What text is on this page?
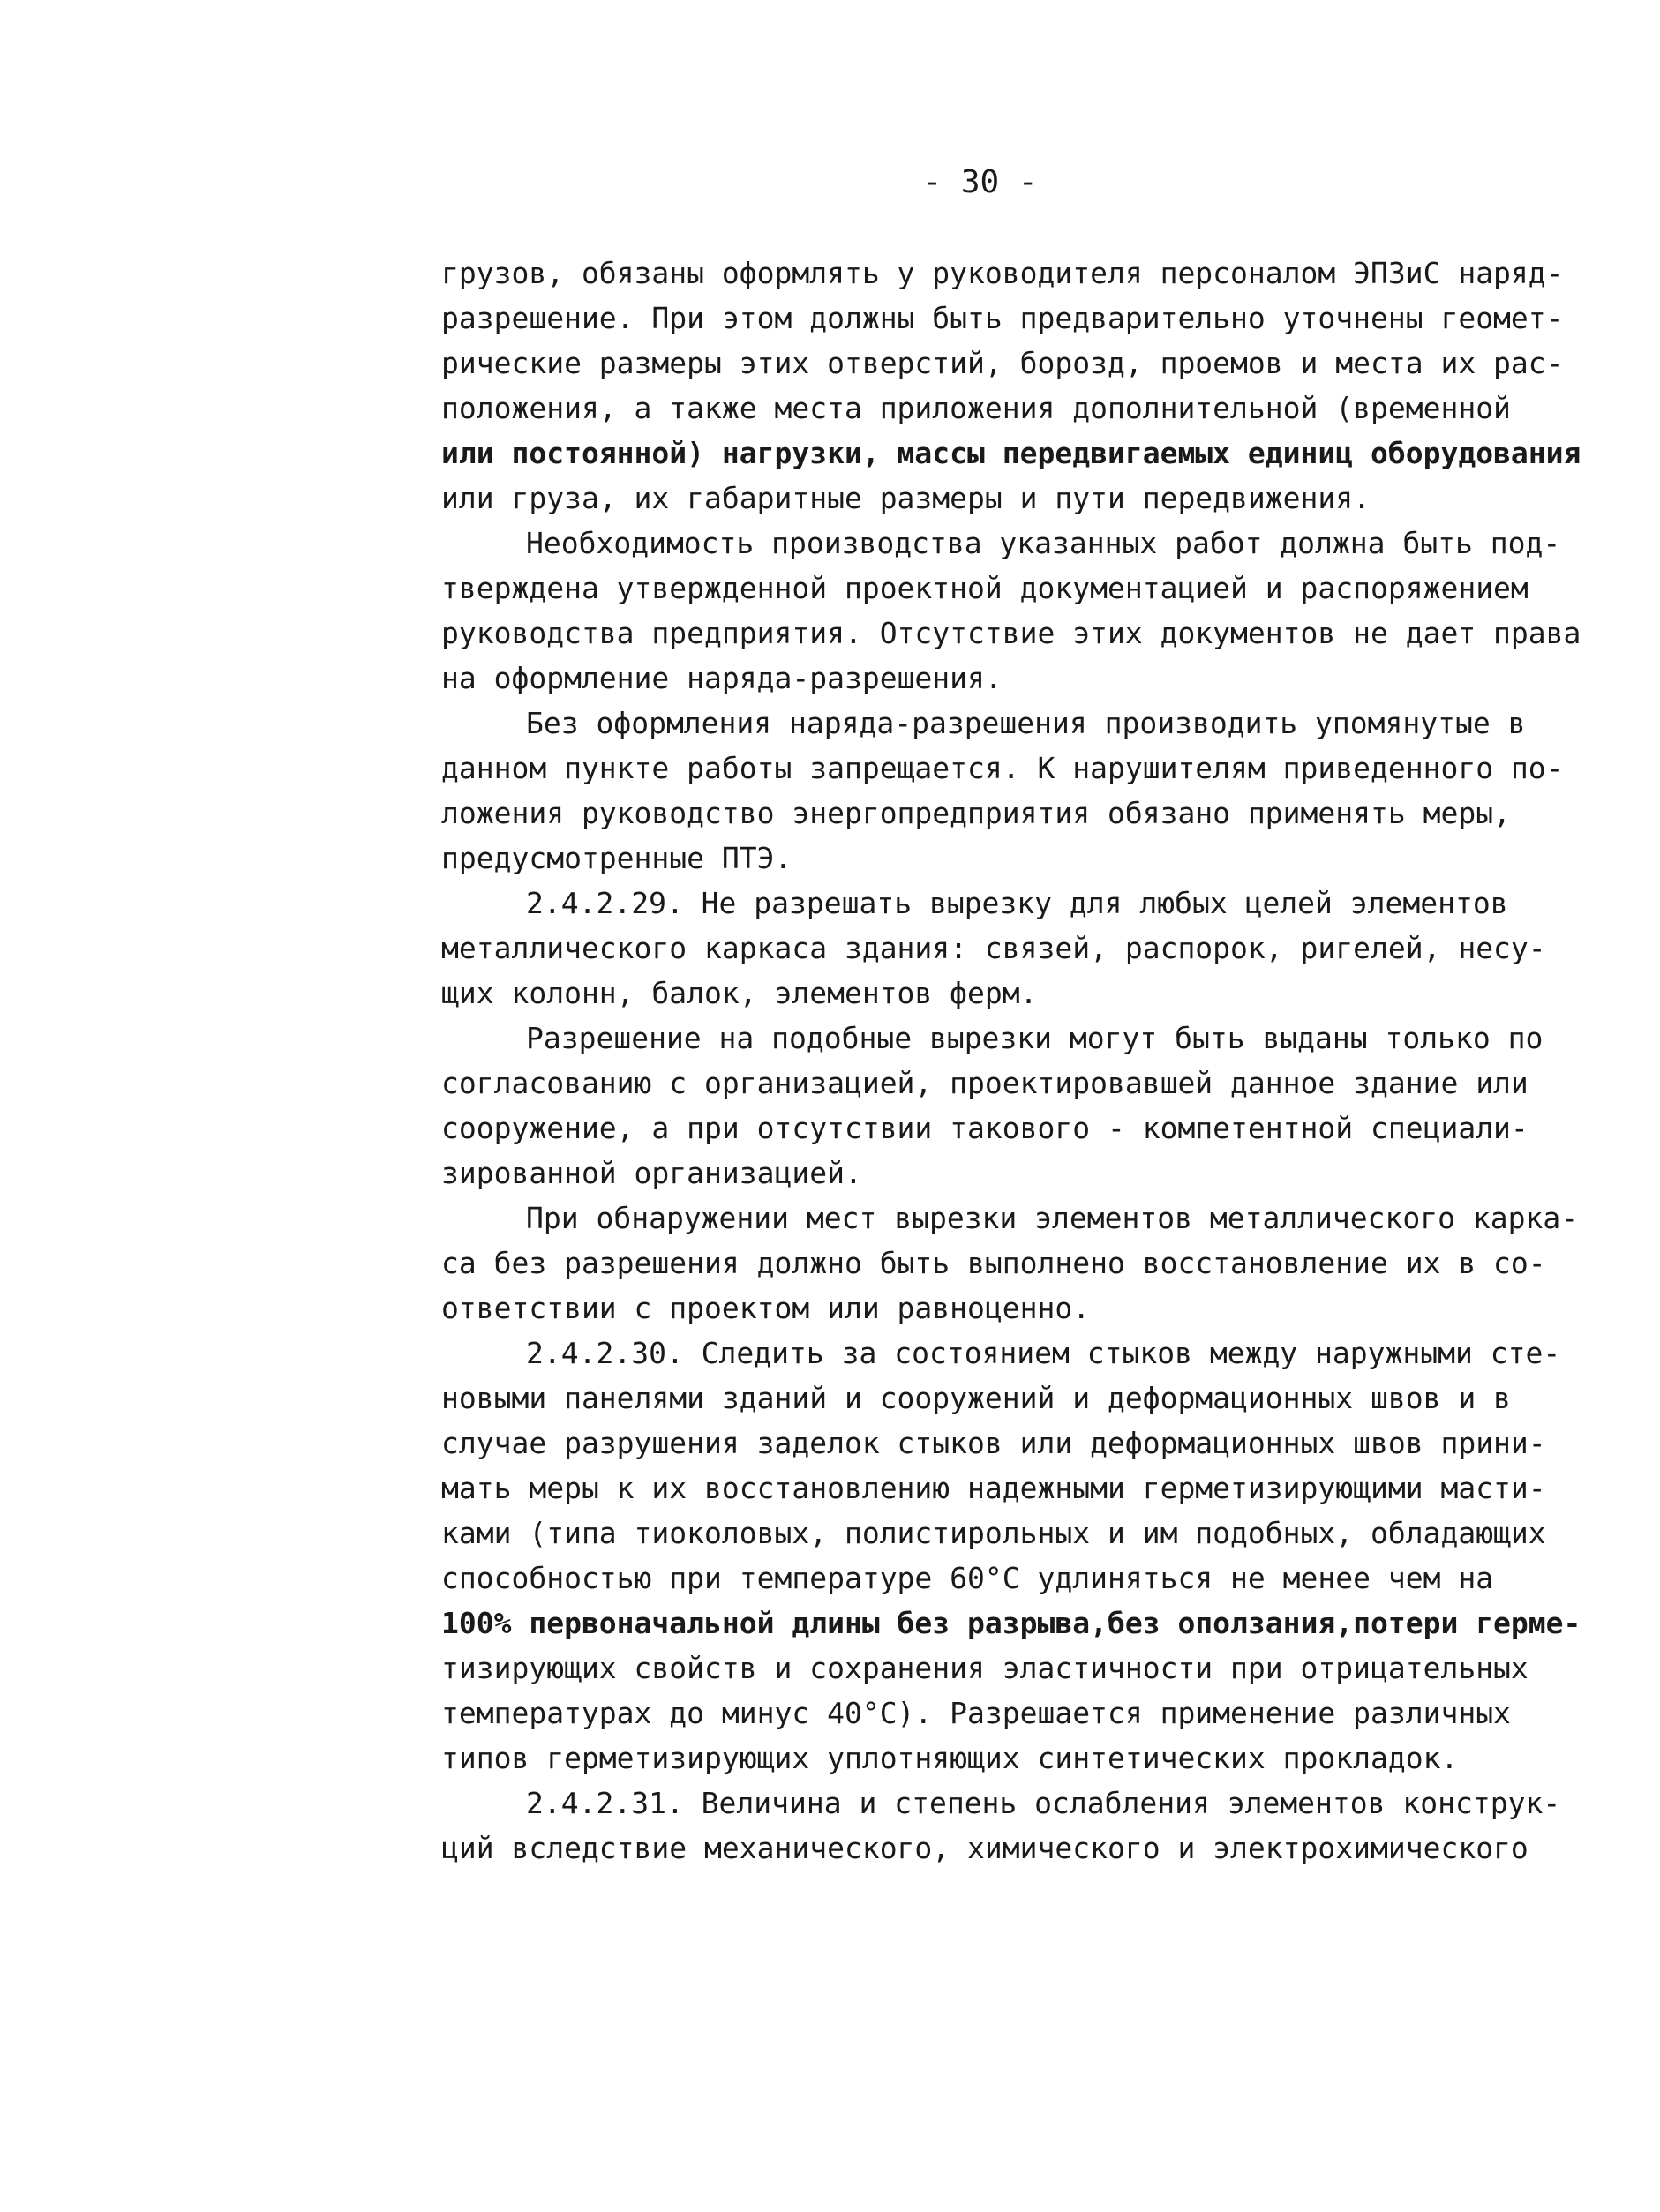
- 30 -
грузов, обязаны оформлять у руководителя персоналом ЭПЗиС наряд-
разрешение. При этом должны быть предварительно уточнены геомет-
рические размеры этих отверстий, борозд, проемов и места их рас-
положения, а также места приложения дополнительной (временной
или постоянной) нагрузки, массы передвигаемых единиц оборудования
или груза, их габаритные размеры и пути передвижения.
Необходимость производства указанных работ должна быть под-
тверждена утвержденной проектной документацией и распоряжением
руководства предприятия. Отсутствие этих документов не дает права
на оформление наряда-разрешения.
Без оформления наряда-разрешения производить упомянутые в
данном пункте работы запрещается. К нарушителям приведенного по-
ложения руководство энергопредприятия обязано применять меры,
предусмотренные ПТЭ.
2.4.2.29. Не разрешать вырезку для любых целей элементов
металлического каркаса здания: связей, распорок, ригелей, несу-
щих колонн, балок, элементов ферм.
Разрешение на подобные вырезки могут быть выданы только по
согласованию с организацией, проектировавшей данное здание или
сооружение, а при отсутствии такового - компетентной специали-
зированной организацией.
При обнаружении мест вырезки элементов металлического карка-
са без разрешения должно быть выполнено восстановление их в со-
ответствии с проектом или равноценно.
2.4.2.30. Следить за состоянием стыков между наружными сте-
новыми панелями зданий и сооружений и деформационных швов и в
случае разрушения заделок стыков или деформационных швов прини-
мать меры к их восстановлению надежными герметизирующими масти-
ками (типа тиоколовых, полистирольных и им подобных, обладающих
способностью при температуре 60°С удлиняться не менее чем на
100% первоначальной длины без разрыва,без оползания,потери герме-
тизирующих свойств и сохранения эластичности при отрицательных
температурах до минус 40°С). Разрешается применение различных
типов герметизирующих уплотняющих синтетических прокладок.
2.4.2.31. Величина и степень ослабления элементов конструк-
ций вследствие механического, химического и электрохимического
